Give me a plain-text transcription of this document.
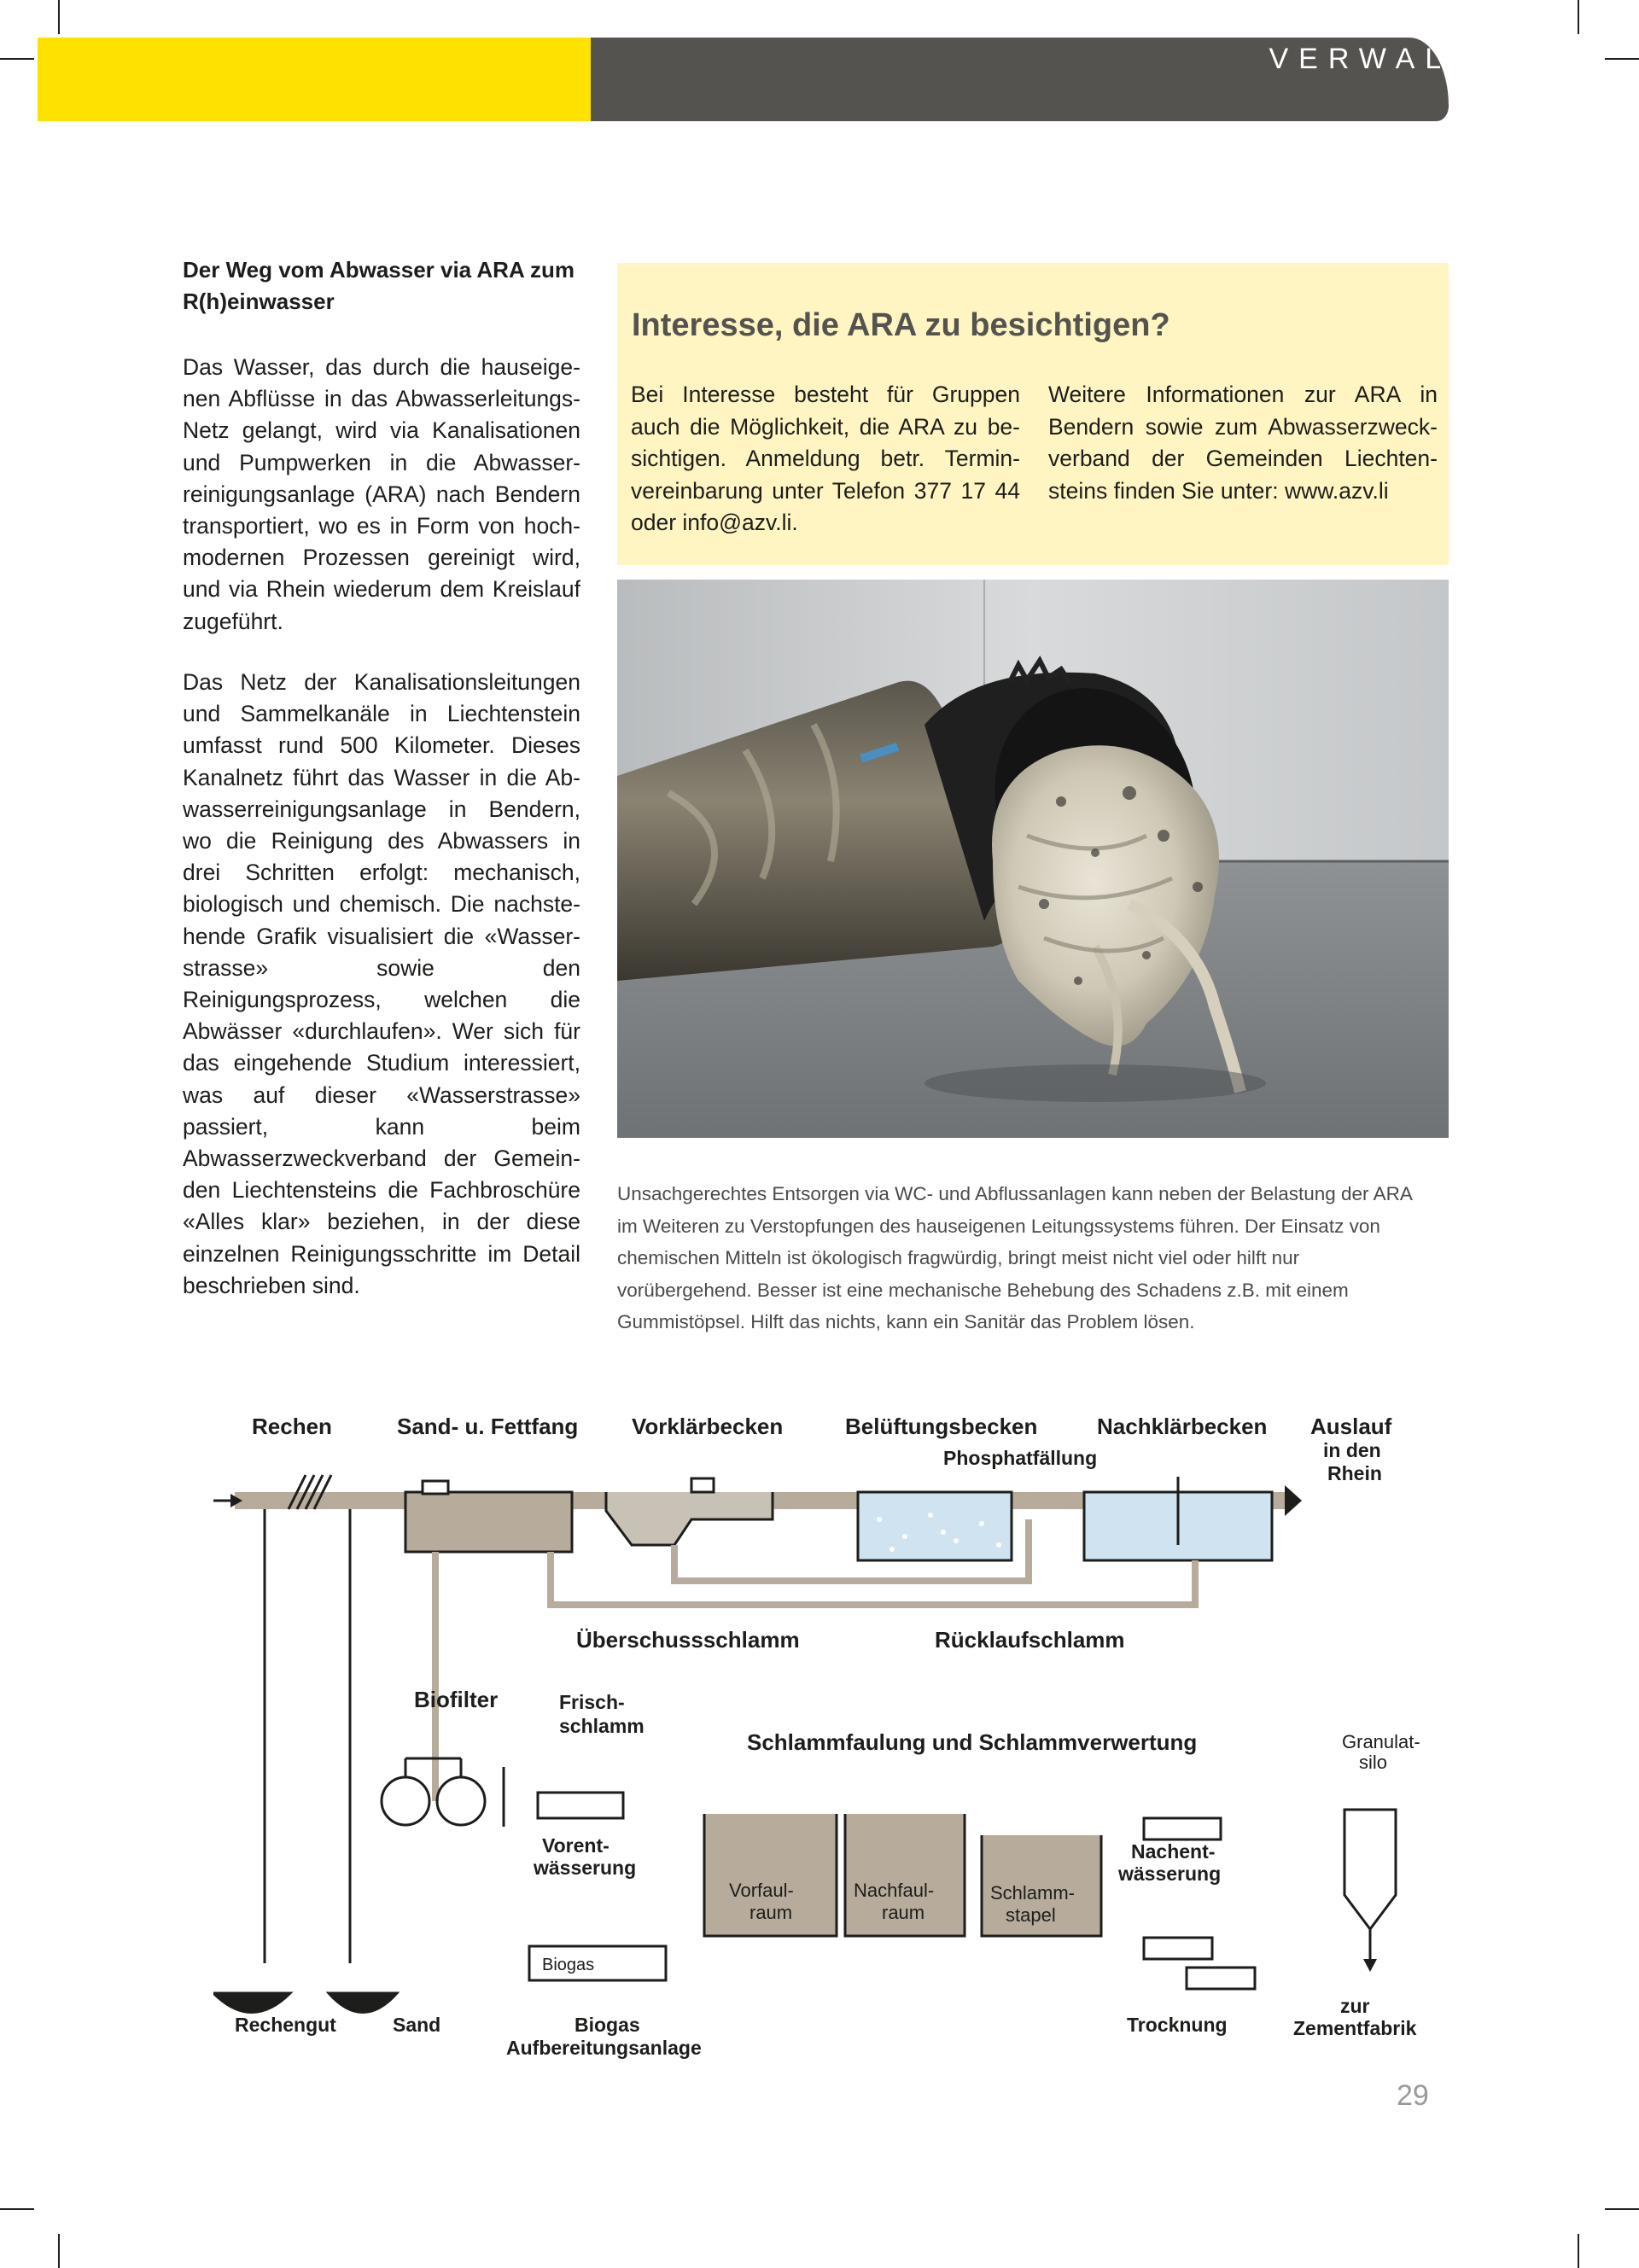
VERWALTUNG
Der Weg vom Abwasser via ARA zum R(h)einwasser

Das Wasser, das durch die hauseigenen Abflüsse in das Abwasserleitungs-Netz gelangt, wird via Kanalisationen und Pumpwerken in die Abwasserreinigungsanlage (ARA) nach Bendern transportiert, wo es in Form von hochmodernen Prozessen gereinigt wird, und via Rhein wiederum dem Kreislauf zugeführt.

Das Netz der Kanalisationsleitungen und Sammelkanäle in Liechtenstein umfasst rund 500 Kilometer. Dieses Kanalnetz führt das Wasser in die Abwasserreinigungsanlage in Bendern, wo die Reinigung des Abwassers in drei Schritten erfolgt: mechanisch, biologisch und chemisch. Die nachstehende Grafik visualisiert die «Wasserstrasse» sowie den Reinigungsprozess, welchen die Abwässer «durchlaufen». Wer sich für das eingehende Studium interessiert, was auf dieser «Wasserstrasse» passiert, kann beim Abwasserzweckverband der Gemeinden Liechtensteins die Fachbroschüre «Alles klar» beziehen, in der diese einzelnen Reinigungsschritte im Detail beschrieben sind.

Interesse, die ARA zu besichtigen?

Bei Interesse besteht für Gruppen auch die Möglichkeit, die ARA zu besichtigen. Anmeldung betr. Terminvereinbarung unter Telefon 377 17 44 oder info@azv.li.

Weitere Informationen zur ARA in Bendern sowie zum Abwasserzweckverband der Gemeinden Liechtensteins finden Sie unter: www.azv.li

Unsachgerechtes Entsorgen via WC- und Abflussanlagen kann neben der Belastung der ARA im Weiteren zu Verstopfungen des hauseigenen Leitungssystems führen. Der Einsatz von chemischen Mitteln ist ökologisch fragwürdig, bringt meist nicht viel oder hilft nur vorübergehend. Besser ist eine mechanische Behebung des Schadens z.B. mit einem Gummistöpsel. Hilft das nichts, kann ein Sanitär das Problem lösen.

Rechen	Sand- u. Fettfang Vorklärbecken	Belüftungsbecken	Nachklärbecken Auslauf
in den
Rhein
Phosphatfällung
Überschussschlamm	Rücklaufschlamm
Biofilter	Frisch-
schlamm
Schlammfaulung und Schlammverwertung
Vorent-
wässerung
Nachent-
wässerung
Rechengut	Sand	Biogas
Aufbereitungsanlage
Trocknung
zur
Zementfabrik
Granulat-
silo
Vorfaul-
raum
Nachfaul-
raum
Schlamm-
stapel
Biogas
29
